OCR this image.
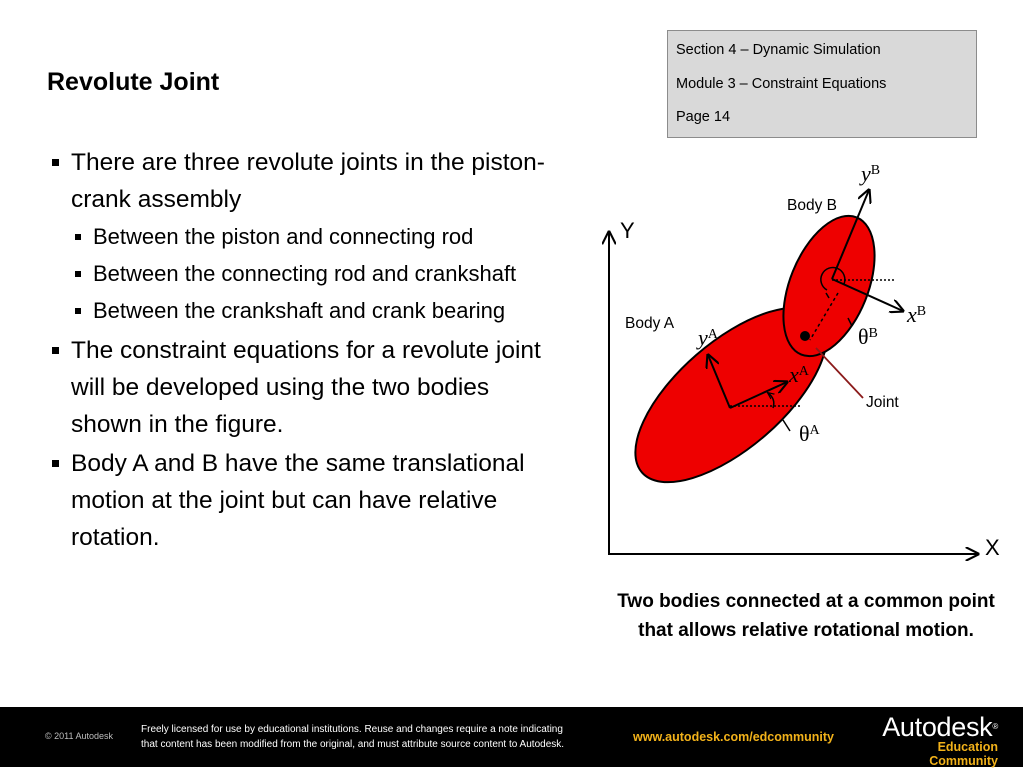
Section 4 – Dynamic Simulation
Module 3 – Constraint Equations
Page 14
Revolute Joint
There are three revolute joints in the piston-crank assembly
Between the piston and connecting rod
Between the connecting rod and crankshaft
Between the crankshaft and crank bearing
The constraint equations for a revolute joint will be developed using the two bodies shown in the figure.
Body A and B have the same translational motion at the joint but can have relative rotation.
Y
X
Body B
Body A
Joint
$y^B$
$x^B$
$y^A$
$x^A$
$\theta^B$
$\theta^A$
Two bodies connected at a common point that allows relative rotational motion.
© 2011 Autodesk
Freely licensed for use by educational institutions. Reuse and changes require a note indicating
that content has been modified from the original, and must attribute source content to Autodesk.
www.autodesk.com/edcommunity	Autodesk®
Education Community
